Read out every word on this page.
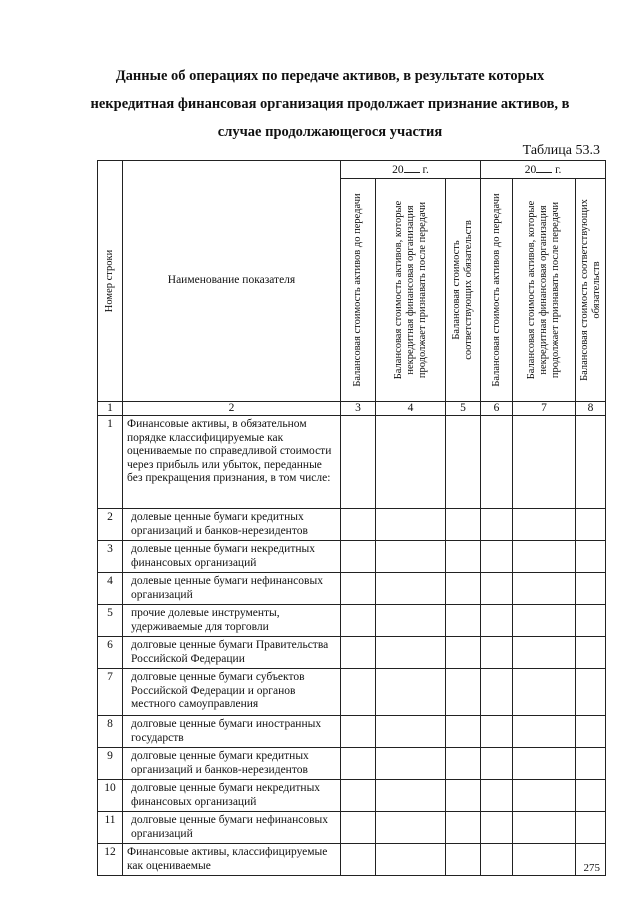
Данные об операциях по передаче активов, в результате которых
некредитная финансовая организация продолжает признание активов, в
случае продолжающегося участия
Таблица 53.3
Номер строки	Наименование показателя	20 г.			20 г.		

		Балансовая стоимость активов до передачи	Балансовая стоимость активов, которые некредитная финансовая организация продолжает признавать после передачи	Балансовая стоимость соответствующих обязательств	Балансовая стоимость активов до передачи	Балансовая стоимость активов, которые некредитная финансовая организация продолжает признавать после передачи	Балансовая стоимость соответствующих обязательств

1	2	3	4	5	6	7	8
1	Финансовые активы, в обязательном порядке классифицируемые как оцениваемые по справедливой стоимости через прибыль или убыток, переданные без прекращения признания, в том числе:						
2	долевые ценные бумаги кредитных организаций и банков-нерезидентов						
3	долевые ценные бумаги некредитных финансовых организаций						
4	долевые ценные бумаги нефинансовых организаций						
5	прочие долевые инструменты, удерживаемые для торговли						
6	долговые ценные бумаги Правительства Российской Федерации						
7	долговые ценные бумаги субъектов Российской Федерации и органов местного самоуправления						
8	долговые ценные бумаги иностранных государств						
9	долговые ценные бумаги кредитных организаций и банков-нерезидентов						
10	долговые ценные бумаги некредитных финансовых организаций						
11	долговые ценные бумаги нефинансовых организаций						
12	Финансовые активы, классифицируемые как оцениваемые							275
